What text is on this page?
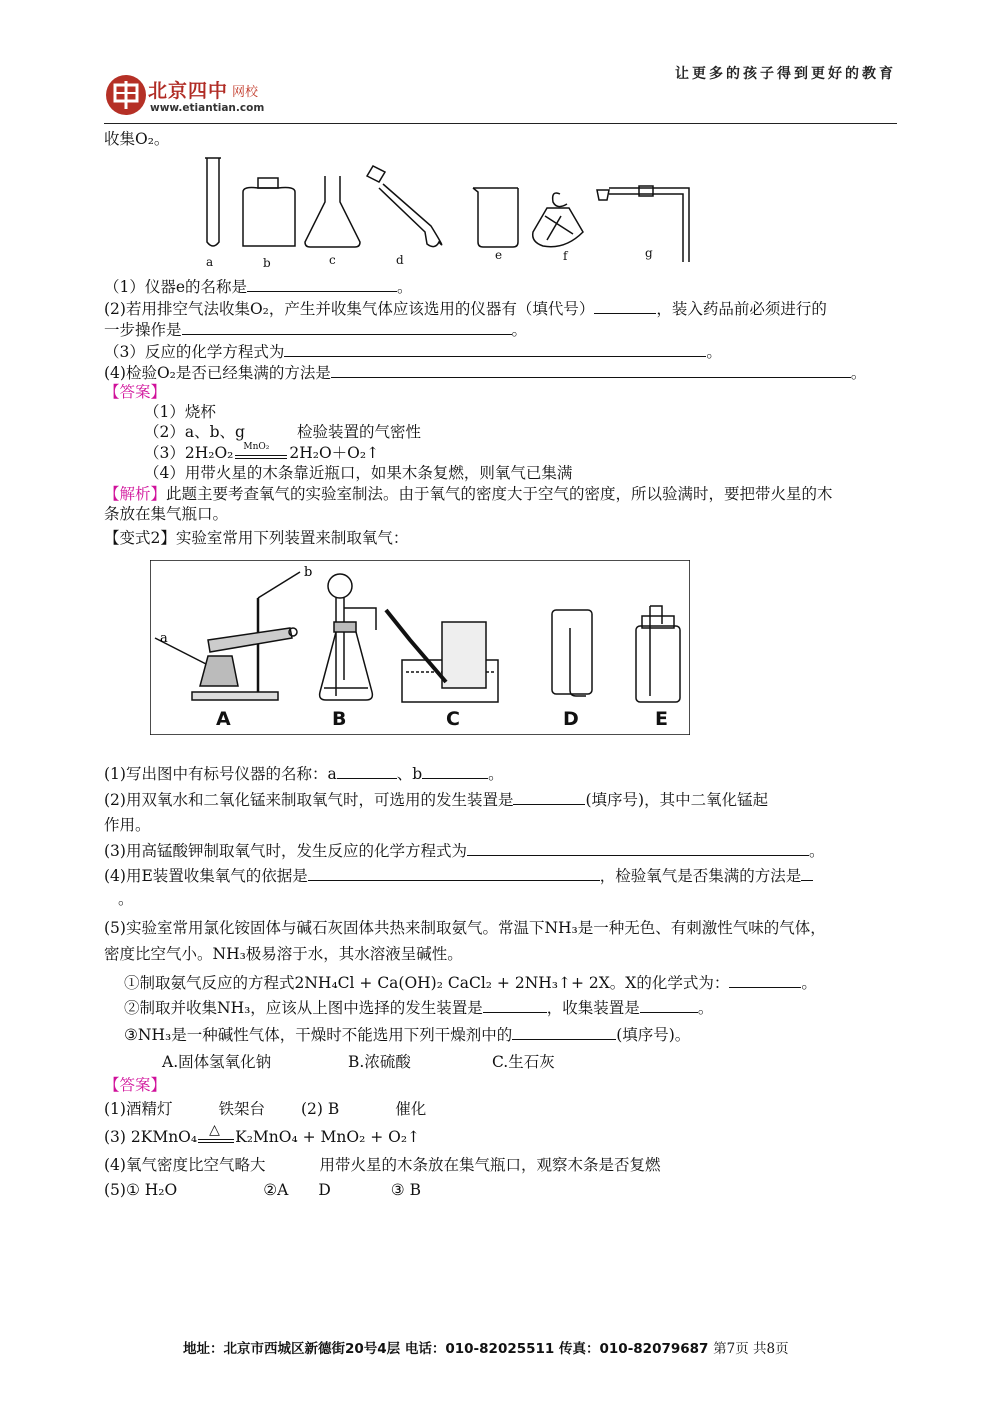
北京四中 网校
www.etiantian.com
让更多的孩子得到更好的教育
收集O₂。
a	b	c	d	e	f	g
（1）仪器e的名称是	。
(2)若用排空气法收集O₂，产生并收集气体应该选用的仪器有（填代号）	，装入药品前必须进行的
一步操作是	。
（3）反应的化学方程式为	。
(4)检验O₂是否已经集满的方法是	。
【答案】
（1）烧杯
（2）a、b、g	检验装置的气密性
（3）2H₂O₂ MnO₂ 2H₂O＋O₂↑
（4）用带火星的木条靠近瓶口，如果木条复燃，则氧气已集满
【解析】此题主要考查氧气的实验室制法。由于氧气的密度大于空气的密度，所以验满时，要把带火星的木
条放在集气瓶口。
【变式2】实验室常用下列装置来制取氧气：
a
b
A	B	C	D	E
(1)写出图中有标号仪器的名称：a	、b	。
(2)用双氧水和二氧化锰来制取氧气时，可选用的发生装置是	(填序号)，其中二氧化锰起
作用。
(3)用高锰酸钾制取氧气时，发生反应的化学方程式为	。
(4)用E装置收集氧气的依据是	，检验氧气是否集满的方法是
。
(5)实验室常用氯化铵固体与碱石灰固体共热来制取氨气。常温下NH₃是一种无色、有刺激性气味的气体，
密度比空气小。NH₃极易溶于水，其水溶液呈碱性。
①制取氨气反应的方程式2NH₄Cl + Ca(OH)₂ CaCl₂ + 2NH₃↑+ 2X。X的化学式为：	。
②制取并收集NH₃，应该从上图中选择的发生装置是	，收集装置是	。
③NH₃是一种碱性气体，干燥时不能选用下列干燥剂中的	(填序号)。
A.固体氢氧化钠	B.浓硫酸	C.生石灰
【答案】
(1)酒精灯	铁架台 (2) B	催化
(3) 2KMnO₄ △ K₂MnO₄ + MnO₂ + O₂↑
(4)氧气密度比空气略大	用带火星的木条放在集气瓶口，观察木条是否复燃
(5)① H₂O	②A D	③ B
地址：北京市西城区新德街20号4层 电话：010-82025511 传真：010-82079687 第7页 共8页
